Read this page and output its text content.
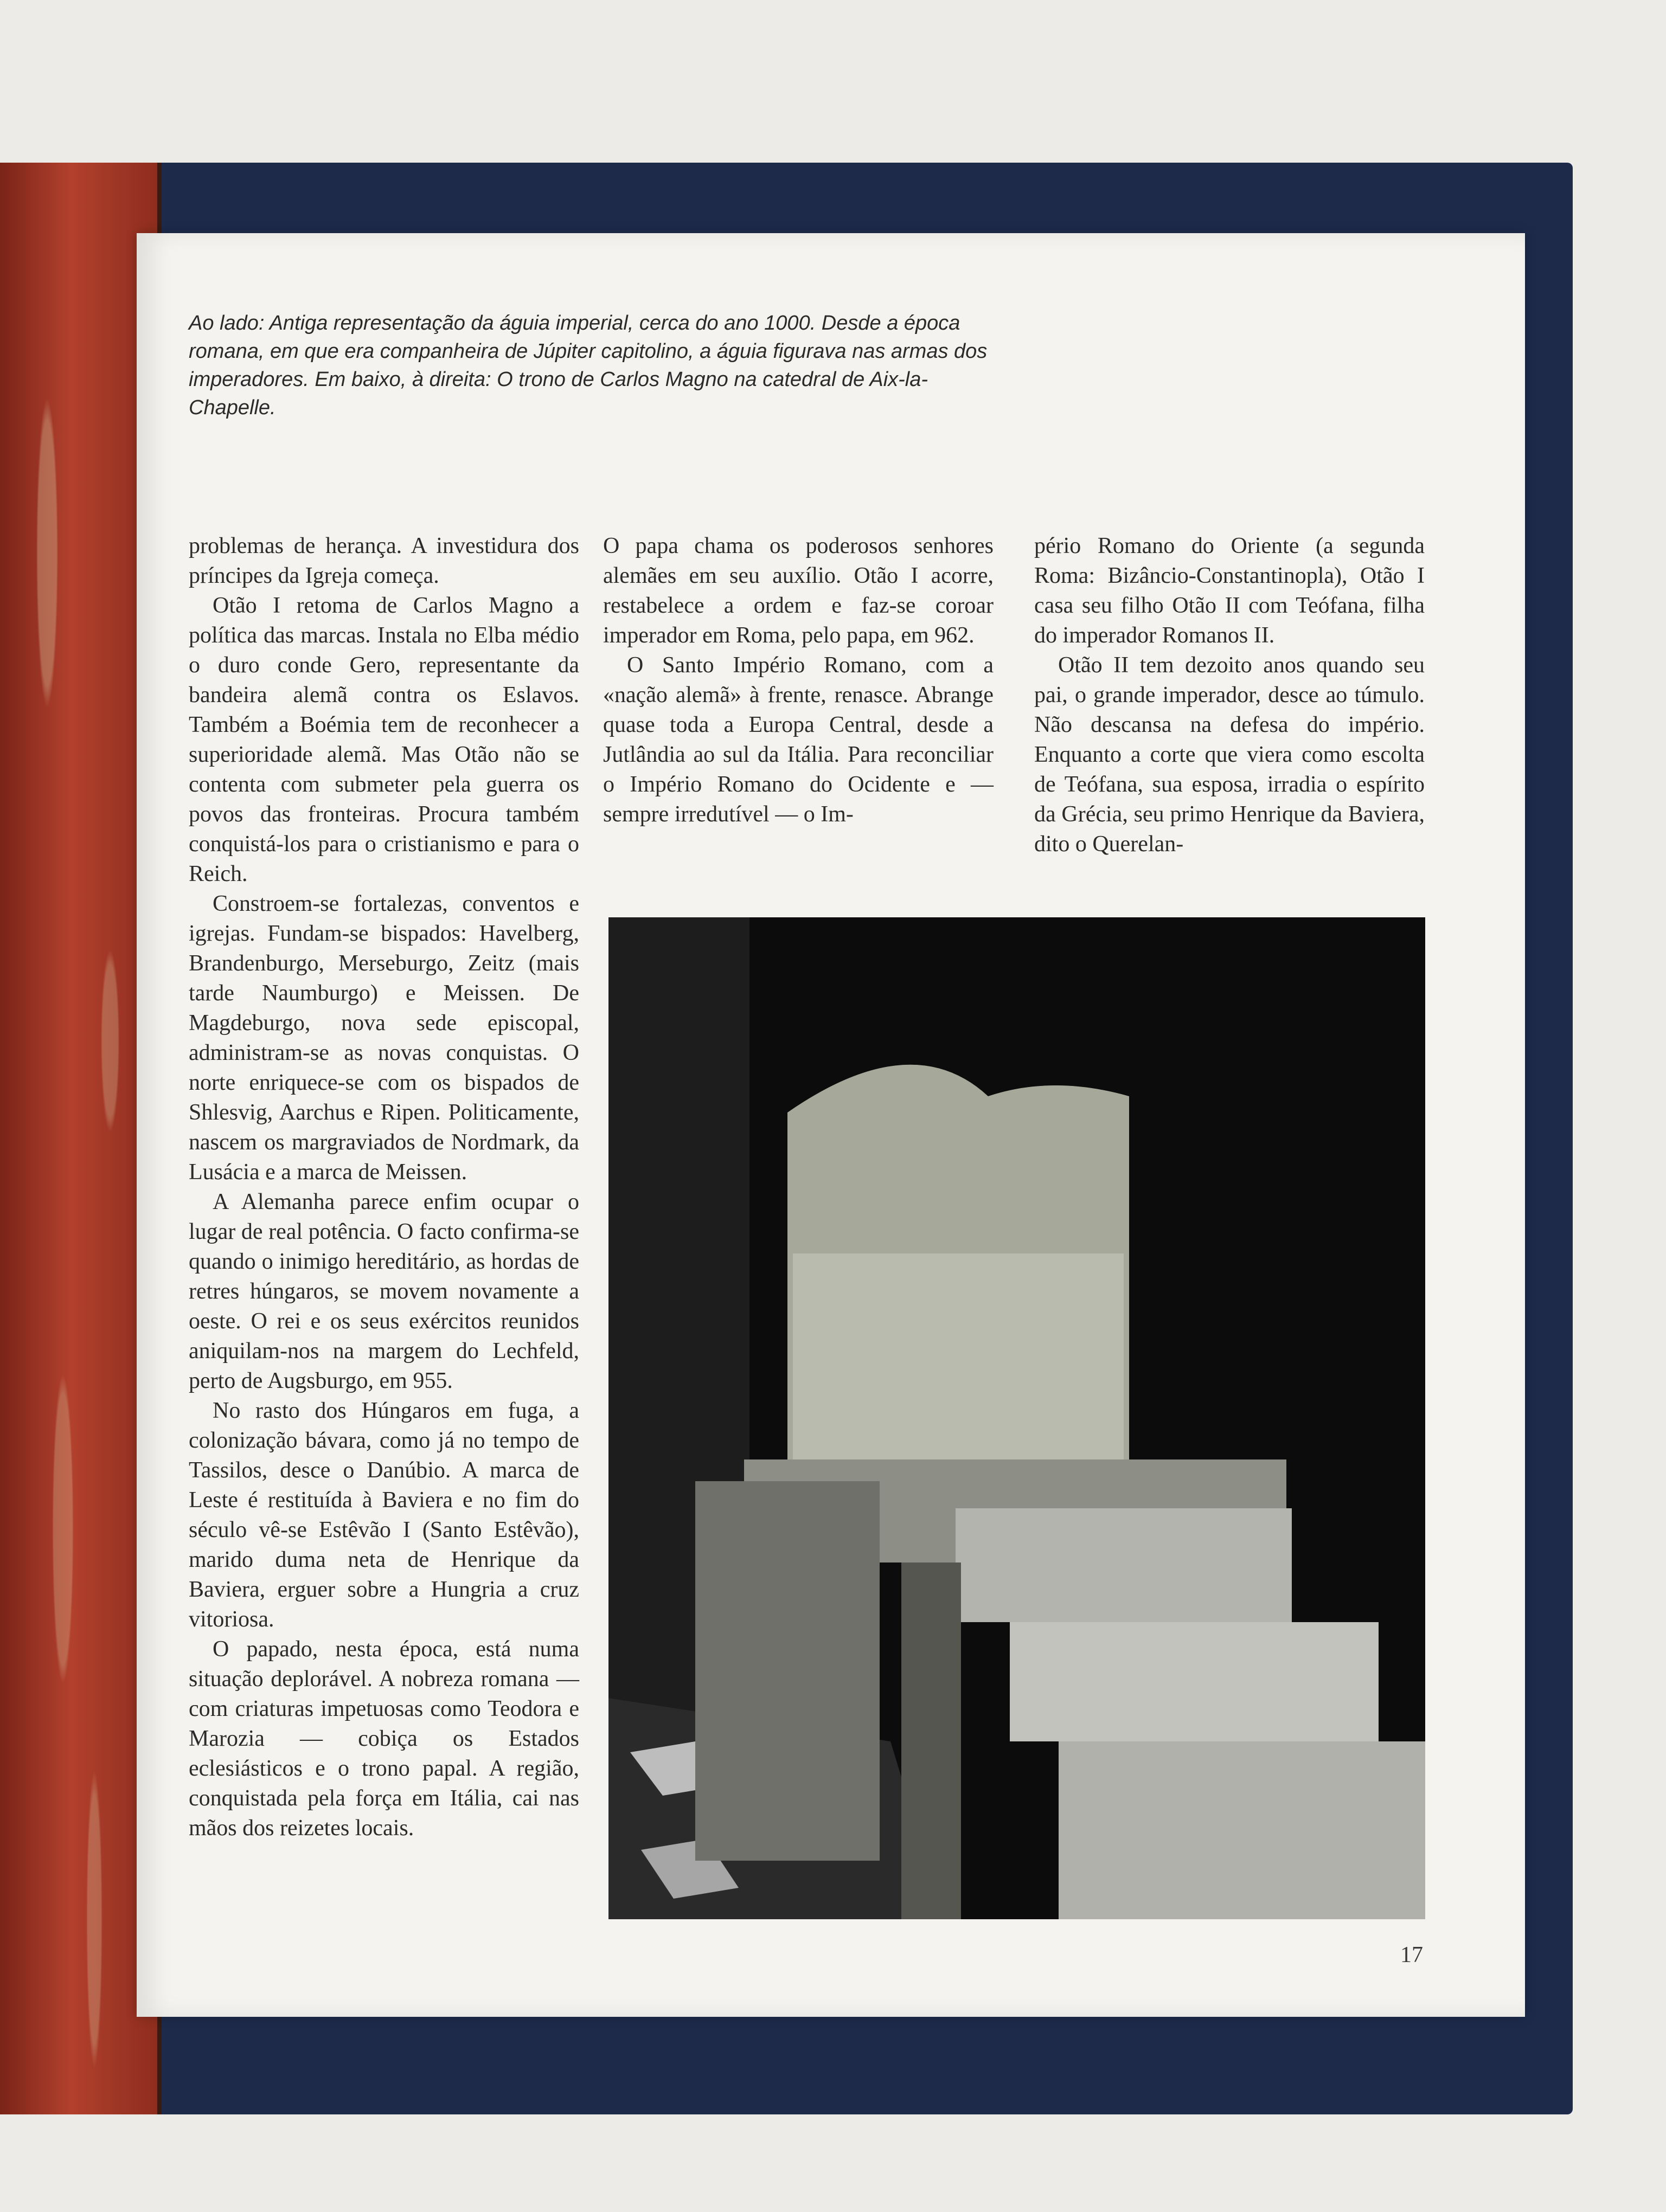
Ao lado: Antiga representação da águia imperial, cerca do ano 1000. Desde a época romana, em que era companheira de Júpiter capitolino, a águia figurava nas armas dos imperadores. Em baixo, à direita: O trono de Carlos Magno na catedral de Aix-la-Chapelle.

problemas de herança. A investidura dos príncipes da Igreja começa.

Otão I retoma de Carlos Magno a política das marcas. Instala no Elba médio o duro conde Gero, representante da bandeira alemã contra os Eslavos. Também a Boémia tem de reconhecer a superioridade alemã. Mas Otão não se contenta com submeter pela guerra os povos das fronteiras. Procura também conquistá-los para o cristianismo e para o Reich.

Constroem-se fortalezas, conventos e igrejas. Fundam-se bispados: Havelberg, Brandenburgo, Merseburgo, Zeitz (mais tarde Naumburgo) e Meissen. De Magdeburgo, nova sede episcopal, administram-se as novas conquistas. O norte enriquece-se com os bispados de Shlesvig, Aarchus e Ripen. Politicamente, nascem os margraviados de Nordmark, da Lusácia e a marca de Meissen.

A Alemanha parece enfim ocupar o lugar de real potência. O facto confirma-se quando o inimigo hereditário, as hordas de retres húngaros, se movem novamente a oeste. O rei e os seus exércitos reunidos aniquilam-nos na margem do Lechfeld, perto de Augsburgo, em 955.

No rasto dos Húngaros em fuga, a colonização bávara, como já no tempo de Tassilos, desce o Danúbio. A marca de Leste é restituída à Baviera e no fim do século vê-se Estêvão I (Santo Estêvão), marido duma neta de Henrique da Baviera, erguer sobre a Hungria a cruz vitoriosa.

O papado, nesta época, está numa situação deplorável. A nobreza romana — com criaturas impetuosas como Teodora e Marozia — cobiça os Estados eclesiásticos e o trono papal. A região, conquistada pela força em Itália, cai nas mãos dos reizetes locais.

O papa chama os poderosos senhores alemães em seu auxílio. Otão I acorre, restabelece a ordem e faz-se coroar imperador em Roma, pelo papa, em 962.

O Santo Império Romano, com a «nação alemã» à frente, renasce. Abrange quase toda a Europa Central, desde a Jutlândia ao sul da Itália. Para reconciliar o Império Romano do Ocidente e — sempre irredutível — o Im-

pério Romano do Oriente (a segunda Roma: Bizâncio-Constantinopla), Otão I casa seu filho Otão II com Teófana, filha do imperador Romanos II.

Otão II tem dezoito anos quando seu pai, o grande imperador, desce ao túmulo. Não descansa na defesa do império. Enquanto a corte que viera como escolta de Teófana, sua esposa, irradia o espírito da Grécia, seu primo Henrique da Baviera, dito o Querelan-

17
